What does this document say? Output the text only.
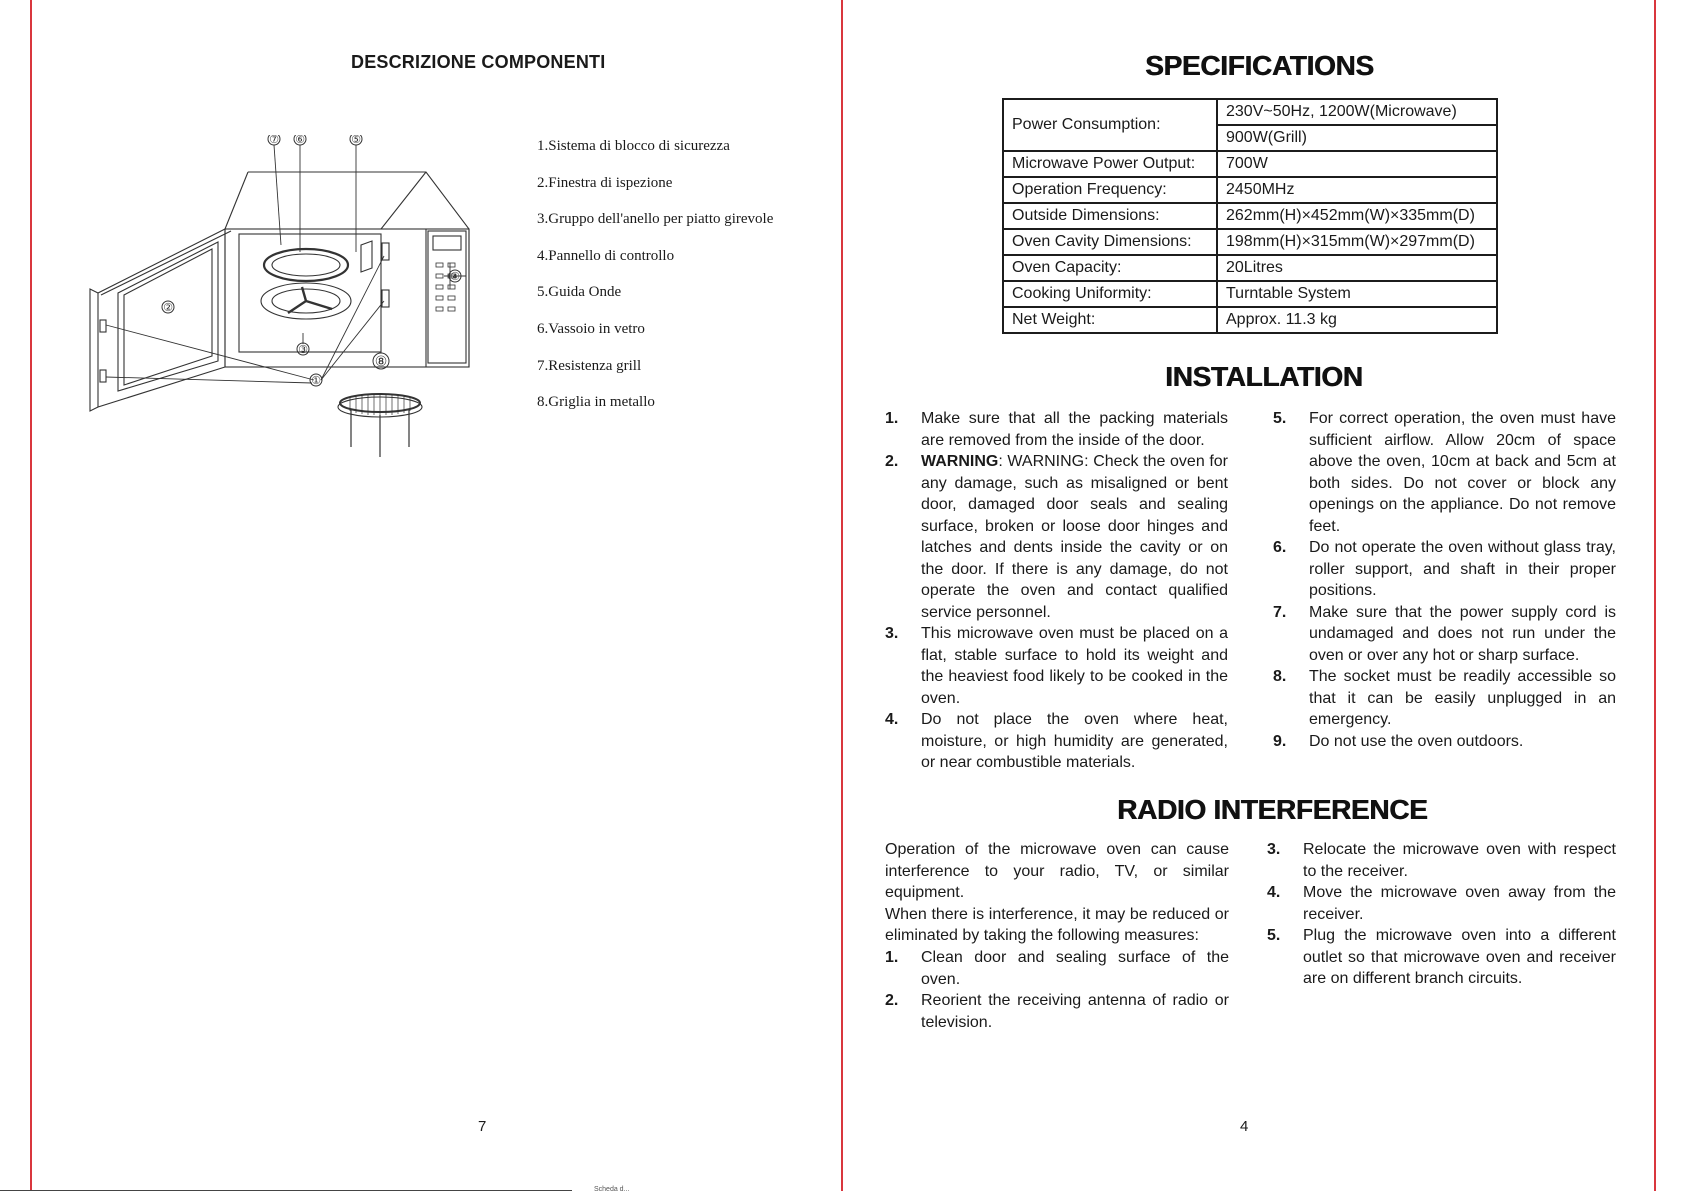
DESCRIZIONE COMPONENTI
⑦ ⑥	⑤
②
③
①
④
⑧
1.Sistema di blocco di sicurezza
2.Finestra di ispezione
3.Gruppo dell'anello per piatto girevole
4.Pannello di controllo
5.Guida Onde
6.Vassoio in vetro
7.Resistenza grill
8.Griglia in metallo
7
Scheda d...
SPECIFICATIONS
Power Consumption:	230V~50Hz, 1200W(Microwave)
	900W(Grill)
Microwave Power Output:	700W
Operation Frequency:	2450MHz
Outside Dimensions:	262mm(H)×452mm(W)×335mm(D)
Oven Cavity Dimensions:	198mm(H)×315mm(W)×297mm(D)
Oven Capacity:	20Litres
Cooking Uniformity:	Turntable System
Net Weight:	Approx. 11.3 kg
INSTALLATION
1. Make sure that all the packing materials are removed from the inside of the door.
2. WARNING: WARNING: Check the oven for any damage, such as misaligned or bent door, damaged door seals and sealing surface, broken or loose door hinges and latches and dents inside the cavity or on the door. If there is any damage, do not operate the oven and contact qualified service personnel.
3. This microwave oven must be placed on a flat, stable surface to hold its weight and the heaviest food likely to be cooked in the oven.
4. Do not place the oven where heat, moisture, or high humidity are generated, or near combustible materials.
5. For correct operation, the oven must have sufficient airflow. Allow 20cm of space above the oven, 10cm at back and 5cm at both sides. Do not cover or block any openings on the appliance. Do not remove feet.
6. Do not operate the oven without glass tray, roller support, and shaft in their proper positions.
7. Make sure that the power supply cord is undamaged and does not run under the oven or over any hot or sharp surface.
8. The socket must be readily accessible so that it can be easily unplugged in an emergency.
9. Do not use the oven outdoors.
RADIO INTERFERENCE

Operation of the microwave oven can cause interference to your radio, TV, or similar equipment.

When there is interference, it may be reduced or eliminated by taking the following measures:

1. Clean door and sealing surface of the oven.
2. Reorient the receiving antenna of radio or television.
3. Relocate the microwave oven with respect to the receiver.
4. Move the microwave oven away from the receiver.
5. Plug the microwave oven into a different outlet so that microwave oven and receiver are on different branch circuits.
4
